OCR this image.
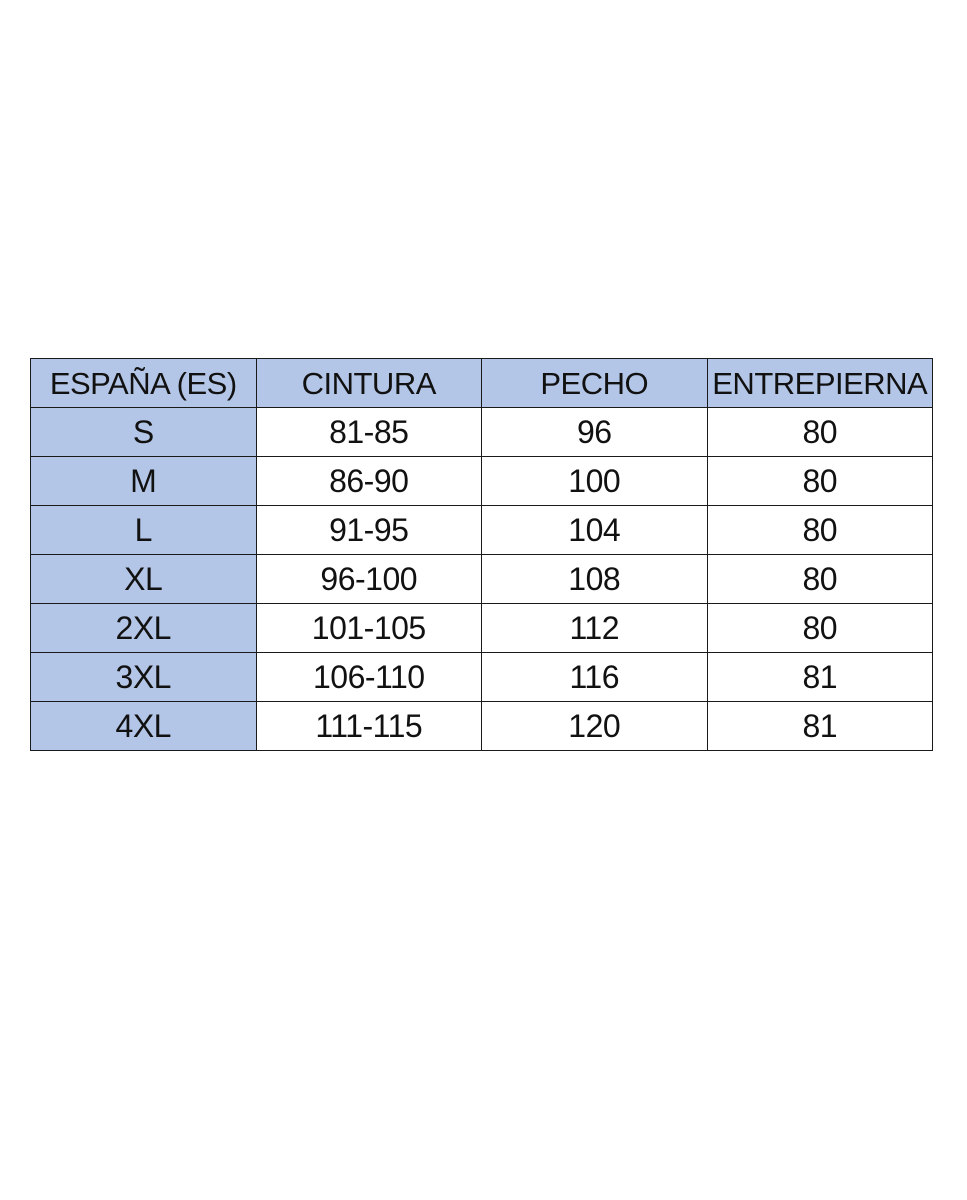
ESPAÑA (ES)	CINTURA	PECHO	ENTREPIERNA
S	81-85	96	80
M	86-90	100	80
L	91-95	104	80
XL	96-100	108	80
2XL	101-105	112	80
3XL	106-110	116	81
4XL	111-115	120	81
